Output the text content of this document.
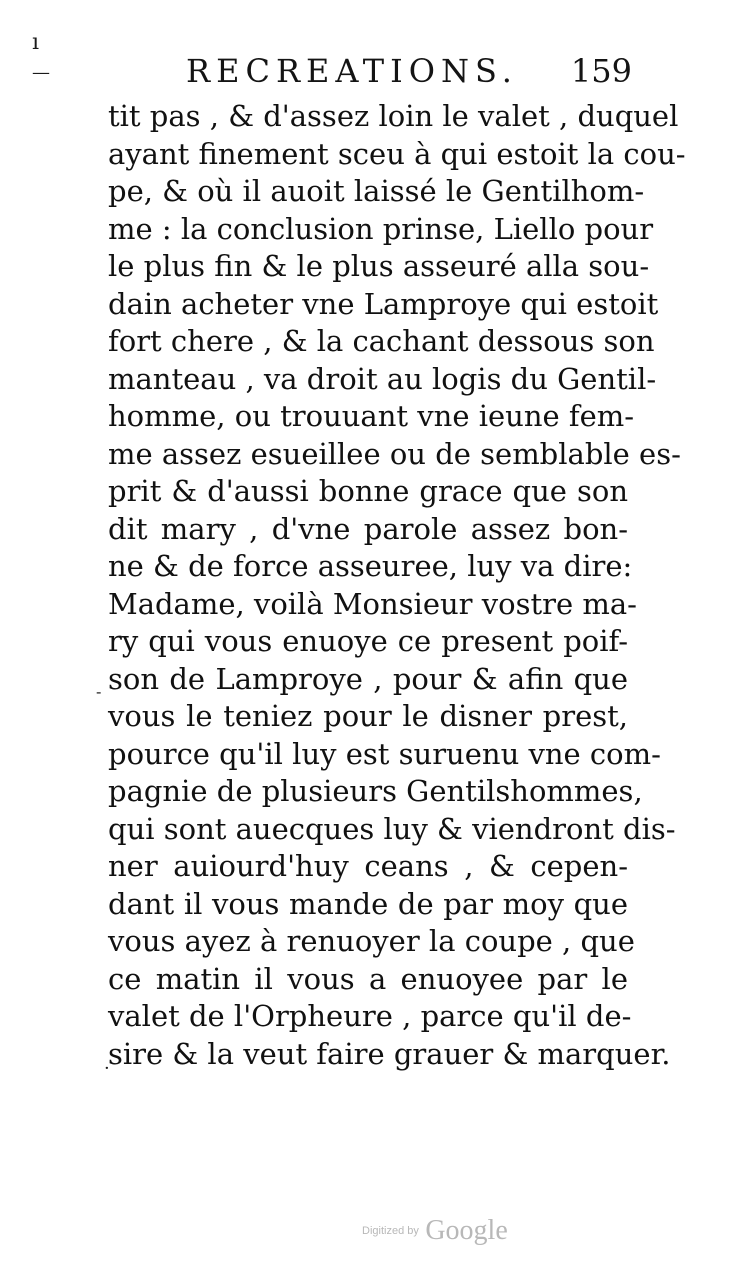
ı
—
‐
·
RECREATIONS. 159
tit pas , & d'assez loin le valet , duquel
ayant finement sceu à qui estoit la cou-
pe, & où il auoit laissé le Gentilhom-
me : la conclusion prinse, Liello pour
le plus fin & le plus asseuré alla sou-
dain acheter vne Lamproye qui estoit
fort chere , & la cachant dessous son
manteau , va droit au logis du Gentil-
homme, ou trouuant vne ieune fem-
me assez esueillee ou de semblable es-
prit & d'aussi bonne grace que son
dit mary , d'vne parole assez bon-
ne & de force asseuree, luy va dire:
Madame, voilà Monsieur vostre ma-
ry qui vous enuoye ce present poif-
son de Lamproye , pour & afin que
vous le teniez pour le disner prest,
pource qu'il luy est suruenu vne com-
pagnie de plusieurs Gentilshommes,
qui sont auecques luy & viendront dis-
ner auiourd'huy ceans , & cepen-
dant il vous mande de par moy que
vous ayez à renuoyer la coupe , que
ce matin il vous a enuoyee par le
valet de l'Orpheure , parce qu'il de-
sire & la veut faire grauer & marquer.
Digitized by Google
